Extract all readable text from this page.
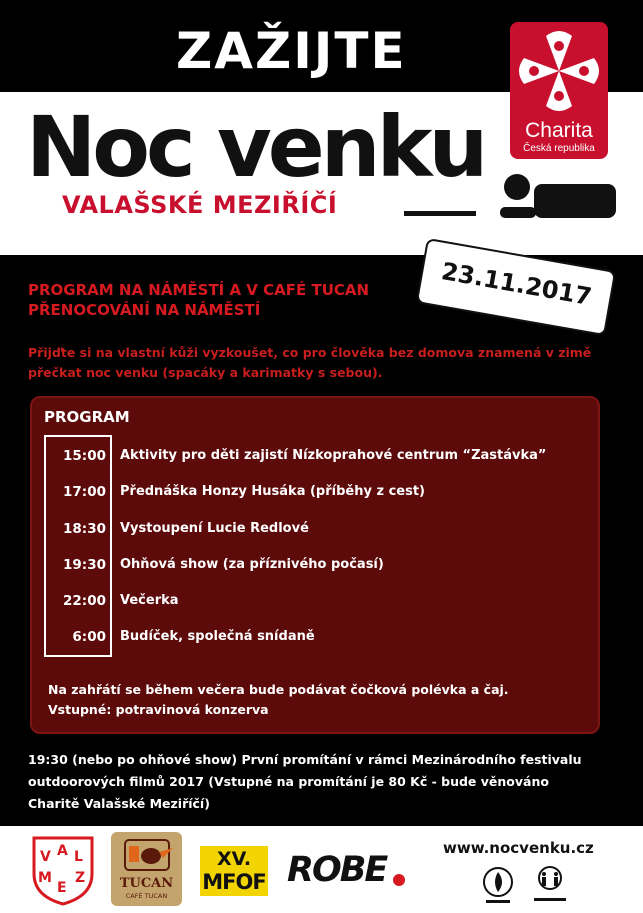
ZAŽIJTE
Noc venku
VALAŠSKÉ MEZIŘÍČÍ
Charita
Česká republika
23.11.2017
PROGRAM NA NÁMĚSTÍ A V CAFÉ TUCAN
PŘENOCOVÁNÍ NA NÁMĚSTÍ
Přijďte si na vlastní kůži vyzkoušet, co pro člověka bez domova znamená v zimě přečkat noc venku (spacáky a karimatky s sebou).
PROGRAM
15:00 Aktivity pro děti zajistí Nízkoprahové centrum “Zastávka”
17:00 Přednáška Honzy Husáka (příběhy z cest)
18:30 Vystoupení Lucie Redlové
19:30 Ohňová show (za příznivého počasí)
22:00 Večerka
6:00 Budíček, společná snídaně
Na zahřátí se během večera bude podávat čočková polévka a čaj.
Vstupné: potravinová konzerva
19:30 (nebo po ohňové show) První promítání v rámci Mezinárodního festivalu
outdoorových filmů 2017 (Vstupné na promítání je 80 Kč - bude věnováno
Charitě Valašské Meziříčí)
www.nocvenku.cz
V A L
M
E
Z	TUCAN
CAFÉ TUCAN
XV.
MFOF ROBE
